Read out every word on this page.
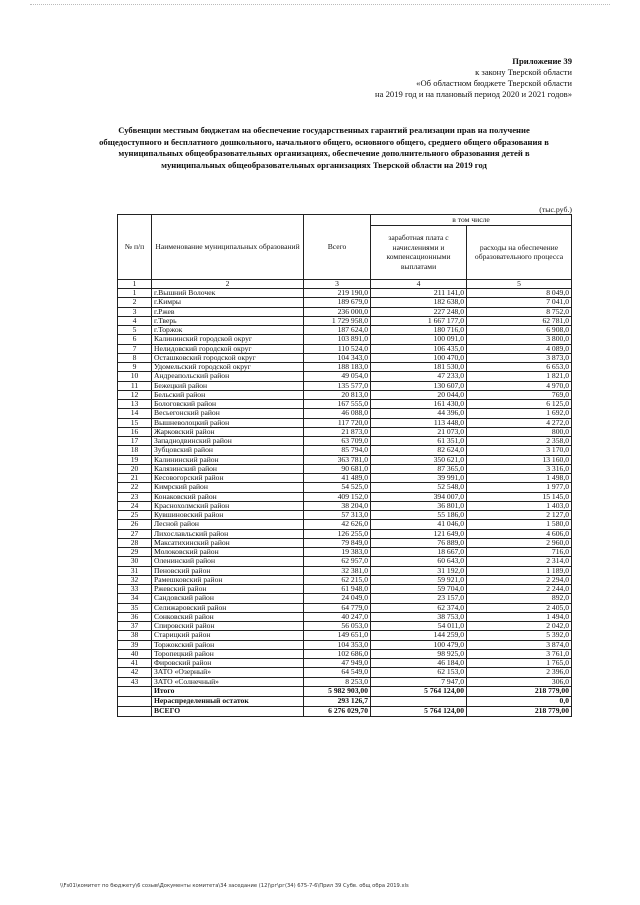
Приложение 39
к закону Тверской области
«Об областном бюджете Тверской области
на 2019 год и на плановый период 2020 и 2021 годов»
Субвенции местным бюджетам на обеспечение государственных гарантий реализации прав на получение общедоступного и бесплатного дошкольного, начального общего, основного общего, среднего общего образования в муниципальных общеобразовательных организациях, обеспечение дополнительного образования детей в муниципальных общеобразовательных организациях Тверской области на 2019 год
(тыс.руб.)
№ п/п	Наименование муниципальных образований	Всего	в том числе	
			заработная плата с начислениями и компенсационными выплатами	расходы на обеспечение образовательного процесса
1	2	3	4	5
1	г.Вышний Волочек	219 190,0	211 141,0	8 049,0
2	г.Кимры	189 679,0	182 638,0	7 041,0
3	г.Ржев	236 000,0	227 248,0	8 752,0
4	г.Тверь	1 729 958,0	1 667 177,0	62 781,0
5	г.Торжок	187 624,0	180 716,0	6 908,0
6	Калининский городской округ	103 891,0	100 091,0	3 800,0
7	Нелидовский городской округ	110 524,0	106 435,0	4 089,0
8	Осташковский городской округ	104 343,0	100 470,0	3 873,0
9	Удомельский городской округ	188 183,0	181 530,0	6 653,0
10	Андреапольский район	49 054,0	47 233,0	1 821,0
11	Бежецкий район	135 577,0	130 607,0	4 970,0
12	Бельский район	20 813,0	20 044,0	769,0
13	Бологовский район	167 555,0	161 430,0	6 125,0
14	Весьегонский район	46 088,0	44 396,0	1 692,0
15	Вышневолоцкий район	117 720,0	113 448,0	4 272,0
16	Жарковский район	21 873,0	21 073,0	800,0
17	Западнодвинский район	63 709,0	61 351,0	2 358,0
18	Зубцовский район	85 794,0	82 624,0	3 170,0
19	Калининский район	363 781,0	350 621,0	13 160,0
20	Калязинский район	90 681,0	87 365,0	3 316,0
21	Кесовогорский район	41 489,0	39 991,0	1 498,0
22	Кимрский район	54 525,0	52 548,0	1 977,0
23	Конаковский район	409 152,0	394 007,0	15 145,0
24	Краснохолмский район	38 204,0	36 801,0	1 403,0
25	Кувшиновский район	57 313,0	55 186,0	2 127,0
26	Лесной район	42 626,0	41 046,0	1 580,0
27	Лихославльский район	126 255,0	121 649,0	4 606,0
28	Максатихинский район	79 849,0	76 889,0	2 960,0
29	Молоковский район	19 383,0	18 667,0	716,0
30	Оленинский район	62 957,0	60 643,0	2 314,0
31	Пеновский район	32 381,0	31 192,0	1 189,0
32	Рамешковский район	62 215,0	59 921,0	2 294,0
33	Ржевский район	61 948,0	59 704,0	2 244,0
34	Сандовский район	24 049,0	23 157,0	892,0
35	Селижаровский район	64 779,0	62 374,0	2 405,0
36	Сонковский район	40 247,0	38 753,0	1 494,0
37	Спировский район	56 053,0	54 011,0	2 042,0
38	Старицкий район	149 651,0	144 259,0	5 392,0
39	Торжокский район	104 353,0	100 479,0	3 874,0
40	Торопецкий район	102 686,0	98 925,0	3 761,0
41	Фировский район	47 949,0	46 184,0	1 765,0
42	ЗАТО «Озерный»	64 549,0	62 153,0	2 396,0
43	ЗАТО «Солнечный»	8 253,0	7 947,0	306,0
	Итого	5 982 903,00	5 764 124,00	218 779,00
	Нераспределенный остаток	293 126,7		0,0
	ВСЕГО	6 276 029,70	5 764 124,00	218 779,00
\\Fs01\комитет по бюджету\6 созыв\Документы комитета\34 заседание (12)\рг\рг(34) 675-7-6\Прил 39 Субв. общ обра 2019.xls
